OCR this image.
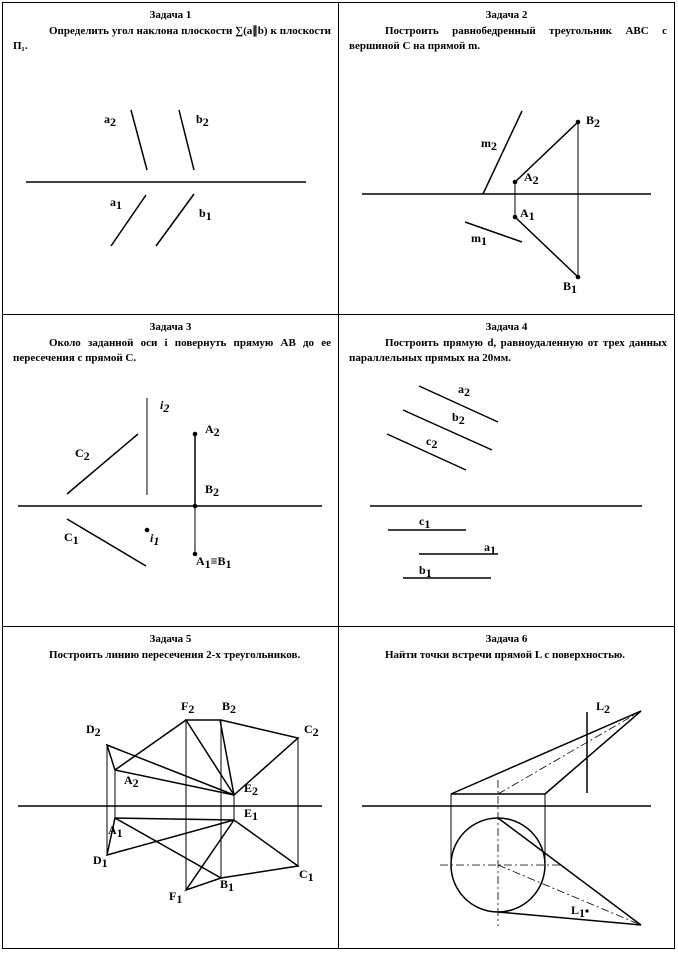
Задача 1
Определить угол наклона плоскости ∑(a∥b) к плоскости П₁.
Задача 2
Построить равнобедренный треугольник АВС с вершиной С на прямой m.
Задача 3
Около заданной оси i повернуть прямую АВ до ее пересечения с прямой С.
Задача 4
Построить прямую d, равноудаленную от трех данных параллельных прямых на 20мм.
Задача 5
Построить линию пересечения 2-х треугольников.
Задача 6
Найти точки встречи прямой L с поверхностью.
a2	b2
a1
b1
m2
A2
B2
A1
m1
B1
i2
A2
C2
B2
C1	i1
A1≡B1
a2
b2
c2
c1
a1
b1
F2 B2
D2	C2
A2	E2
E1
A1
D1
C1
B1
F1
L2
L1
